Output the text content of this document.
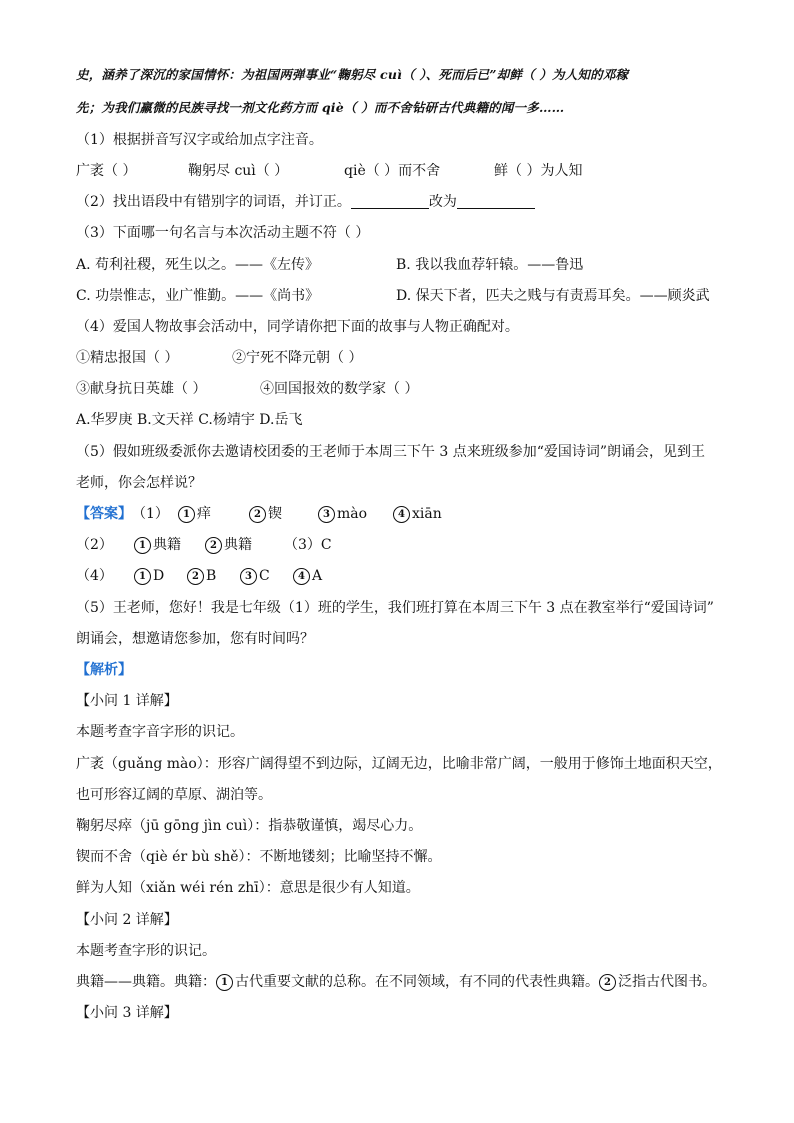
史，涵养了深沉的家国情怀：为祖国两弹事业“鞠躬尽 cuì（ ）、死而后已”却鲜（ ）为人知的邓稼
先；为我们羸微的民族寻找一剂文化药方而 qiè（ ）而不舍钻研古代典籍的闻一多……
（1）根据拼音写汉字或给加点字注音。
广袤（ ）	鞠躬尽 cuì（ ）	qiè（ ）而不舍	鲜（ ）为人知
（2）找出语段中有错别字的词语，并订正。	改为
（3）下面哪一句名言与本次活动主题不符（ ）
A. 苟利社稷，死生以之。——《左传》	B. 我以我血荐轩辕。——鲁迅
C. 功崇惟志，业广惟勤。——《尚书》	D. 保天下者，匹夫之贱与有责焉耳矣。——顾炎武
（4）爱国人物故事会活动中，同学请你把下面的故事与人物正确配对。
①精忠报国（ ）	②宁死不降元朝（ ）
③献身抗日英雄（ ）	④回国报效的数学家（ ）
A.华罗庚 B.文天祥 C.杨靖宇 D.岳飞
（5）假如班级委派你去邀请校团委的王老师于本周三下午 3 点来班级参加“爱国诗词”朗诵会，见到王
老师，你会怎样说？
【答案】（1） 1 痒	2 锲	3 mào	4 xiān
（2）	1 典籍	2 典籍 （3）C
（4）	1 D	2 B	3 C	4 A
（5）王老师，您好！我是七年级（1）班的学生，我们班打算在本周三下午 3 点在教室举行“爱国诗词”
朗诵会，想邀请您参加，您有时间吗？
【解析】
【小问 1 详解】
本题考查字音字形的识记。
广袤（guǎng mào）：形容广阔得望不到边际，辽阔无边，比喻非常广阔，一般用于修饰土地面积天空，
也可形容辽阔的草原、湖泊等。
鞠躬尽瘁（jū gōng jìn cuì）：指恭敬谨慎，竭尽心力。
锲而不舍（qiè ér bù shě）：不断地镂刻；比喻坚持不懈。
鲜为人知（xiǎn wéi rén zhī）：意思是很少有人知道。
【小问 2 详解】
本题考查字形的识记。
典籍——典籍。典籍： 1 古代重要文献的总称。在不同领域，有不同的代表性典籍。 2 泛指古代图书。
【小问 3 详解】
